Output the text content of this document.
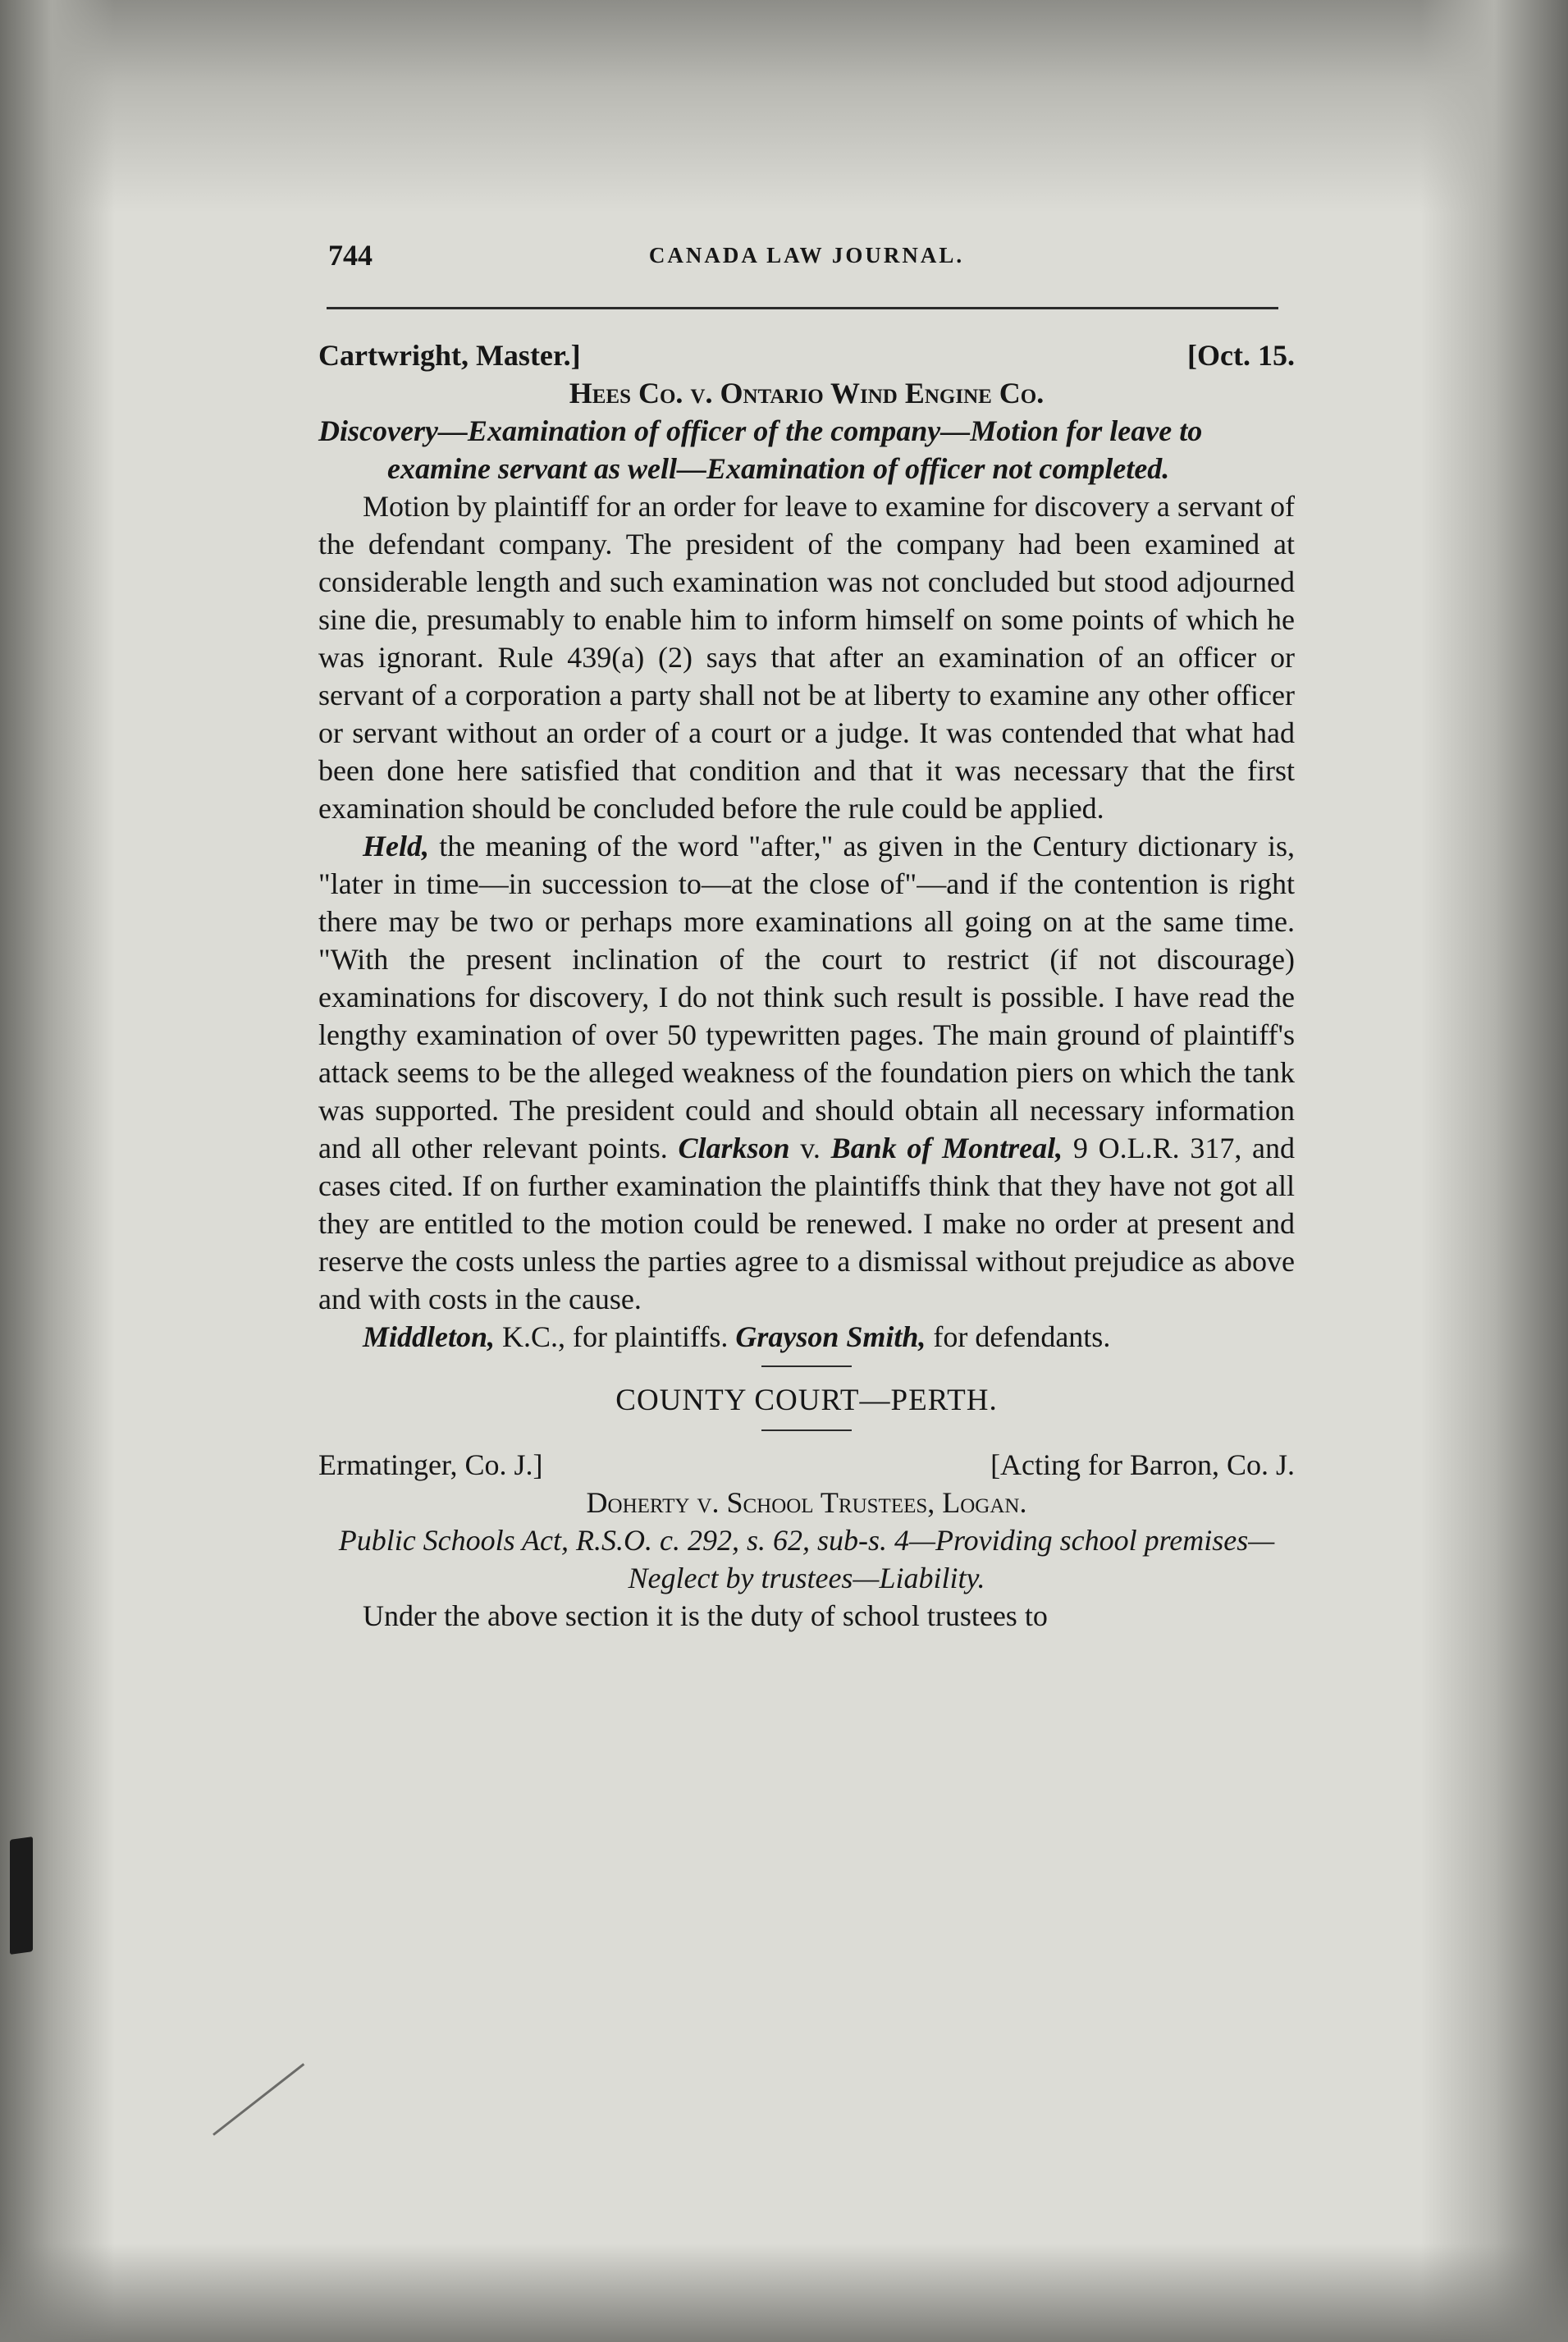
744	CANADA LAW JOURNAL.
Cartwright, Master.]	[Oct. 15.
Hees Co. v. Ontario Wind Engine Co.

Discovery—Examination of officer of the company—Motion for leave to examine servant as well—Examination of officer not completed.

Motion by plaintiff for an order for leave to examine for discovery a servant of the defendant company. The president of the company had been examined at considerable length and such examination was not concluded but stood adjourned sine die, presumably to enable him to inform himself on some points of which he was ignorant. Rule 439(a) (2) says that after an examination of an officer or servant of a corporation a party shall not be at liberty to examine any other officer or servant without an order of a court or a judge. It was contended that what had been done here satisfied that condition and that it was necessary that the first examination should be concluded before the rule could be applied.

Held, the meaning of the word "after," as given in the Century dictionary is, "later in time—in succession to—at the close of"—and if the contention is right there may be two or perhaps more examinations all going on at the same time. "With the present inclination of the court to restrict (if not discourage) examinations for discovery, I do not think such result is possible. I have read the lengthy examination of over 50 typewritten pages. The main ground of plaintiff's attack seems to be the alleged weakness of the foundation piers on which the tank was supported. The president could and should obtain all necessary information and all other relevant points. Clarkson v. Bank of Montreal, 9 O.L.R. 317, and cases cited. If on further examination the plaintiffs think that they have not got all they are entitled to the motion could be renewed. I make no order at present and reserve the costs unless the parties agree to a dismissal without prejudice as above and with costs in the cause.

Middleton, K.C., for plaintiffs. Grayson Smith, for defendants.

COUNTY COURT—PERTH.
Ermatinger, Co. J.]	[Acting for Barron, Co. J.
Doherty v. School Trustees, Logan.

Public Schools Act, R.S.O. c. 292, s. 62, sub-s. 4—Providing school premises—Neglect by trustees—Liability.

Under the above section it is the duty of school trustees to
